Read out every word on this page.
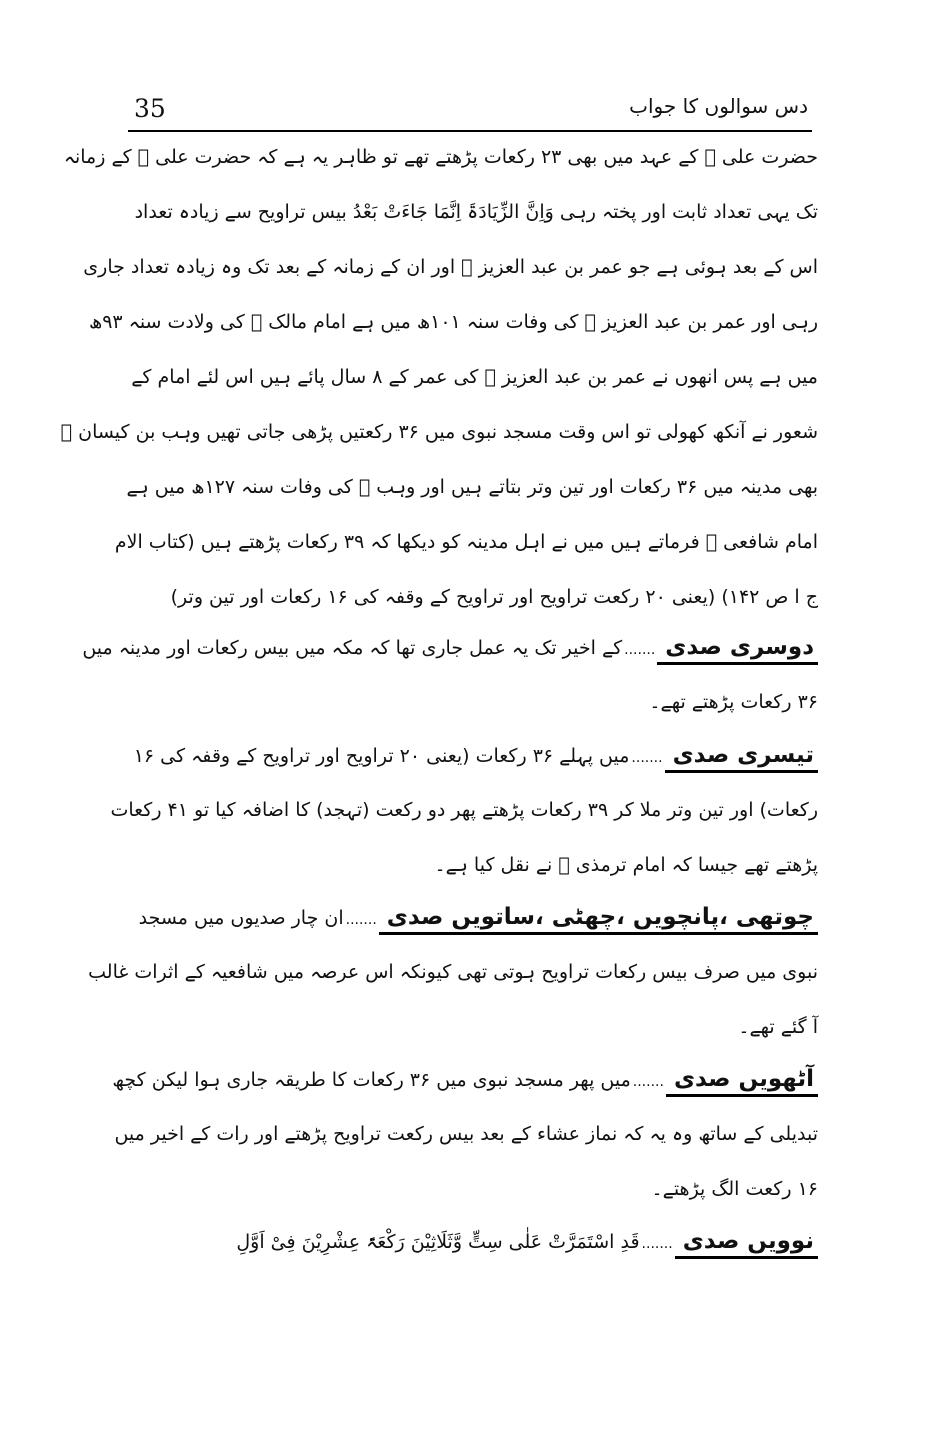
35	دس سوالوں کا جواب
حضرت علی ﷛ کے عہد میں بھی ۲۳ رکعات پڑھتے تھے تو ظاہر یہ ہے کہ حضرت علی ﷛ کے زمانہ
تک یہی تعداد ثابت اور پختہ رہی وَاِنَّ الزِّیَادَۃَ اِنَّمَا جَاءَتْ بَعْدُ بیس تراویح سے زیادہ تعداد
اس کے بعد ہوئی ہے جو عمر بن عبد العزیز ﷬ اور ان کے زمانہ کے بعد تک وہ زیادہ تعداد جاری
رہی اور عمر بن عبد العزیز ﷬ کی وفات سنہ ۱۰۱ھ میں ہے امام مالک ﷬ کی ولادت سنہ ۹۳ھ
میں ہے پس انھوں نے عمر بن عبد العزیز ﷬ کی عمر کے ۸ سال پائے ہیں اس لئے امام کے
شعور نے آنکھ کھولی تو اس وقت مسجد نبوی میں ۳۶ رکعتیں پڑھی جاتی تھیں وہب بن کیسان ﷬
بھی مدینہ میں ۳۶ رکعات اور تین وتر بتاتے ہیں اور وہب ﷬ کی وفات سنہ ۱۲۷ھ میں ہے
امام شافعی ﷬ فرماتے ہیں میں نے اہل مدینہ کو دیکھا کہ ۳۹ رکعات پڑھتے ہیں (کتاب الام
ج ا ص ۱۴۲) (یعنی ۲۰ رکعت تراویح اور تراویح کے وقفہ کی ۱۶ رکعات اور تین وتر)
دوسری صدی.......کے اخیر تک یہ عمل جاری تھا کہ مکہ میں بیس رکعات اور مدینہ میں
۳۶ رکعات پڑھتے تھے۔
تیسری صدی.......میں پہلے ۳۶ رکعات (یعنی ۲۰ تراویح اور تراویح کے وقفہ کی ۱۶
رکعات) اور تین وتر ملا کر ۳۹ رکعات پڑھتے پھر دو رکعت (تہجد) کا اضافہ کیا تو ۴۱ رکعات
پڑھتے تھے جیسا کہ امام ترمذی ﷬ نے نقل کیا ہے۔
چوتھی ،پانچویں ،چھٹی ،ساتویں صدی.......ان چار صدیوں میں مسجد
نبوی میں صرف بیس رکعات تراویح ہوتی تھی کیونکہ اس عرصہ میں شافعیہ کے اثرات غالب
آ گئے تھے۔
آٹھویں صدی.......میں پھر مسجد نبوی میں ۳۶ رکعات کا طریقہ جاری ہوا لیکن کچھ
تبدیلی کے ساتھ وہ یہ کہ نماز عشاء کے بعد بیس رکعت تراویح پڑھتے اور رات کے اخیر میں
۱۶ رکعت الگ پڑھتے۔
نوویں صدی.......قَدِ اسْتَمَرَّتْ عَلٰی سِتٍّ وَّثَلَاثِیْنَ رَکْعَۃً عِشْرِیْنَ فِیْ اَوَّلِ
